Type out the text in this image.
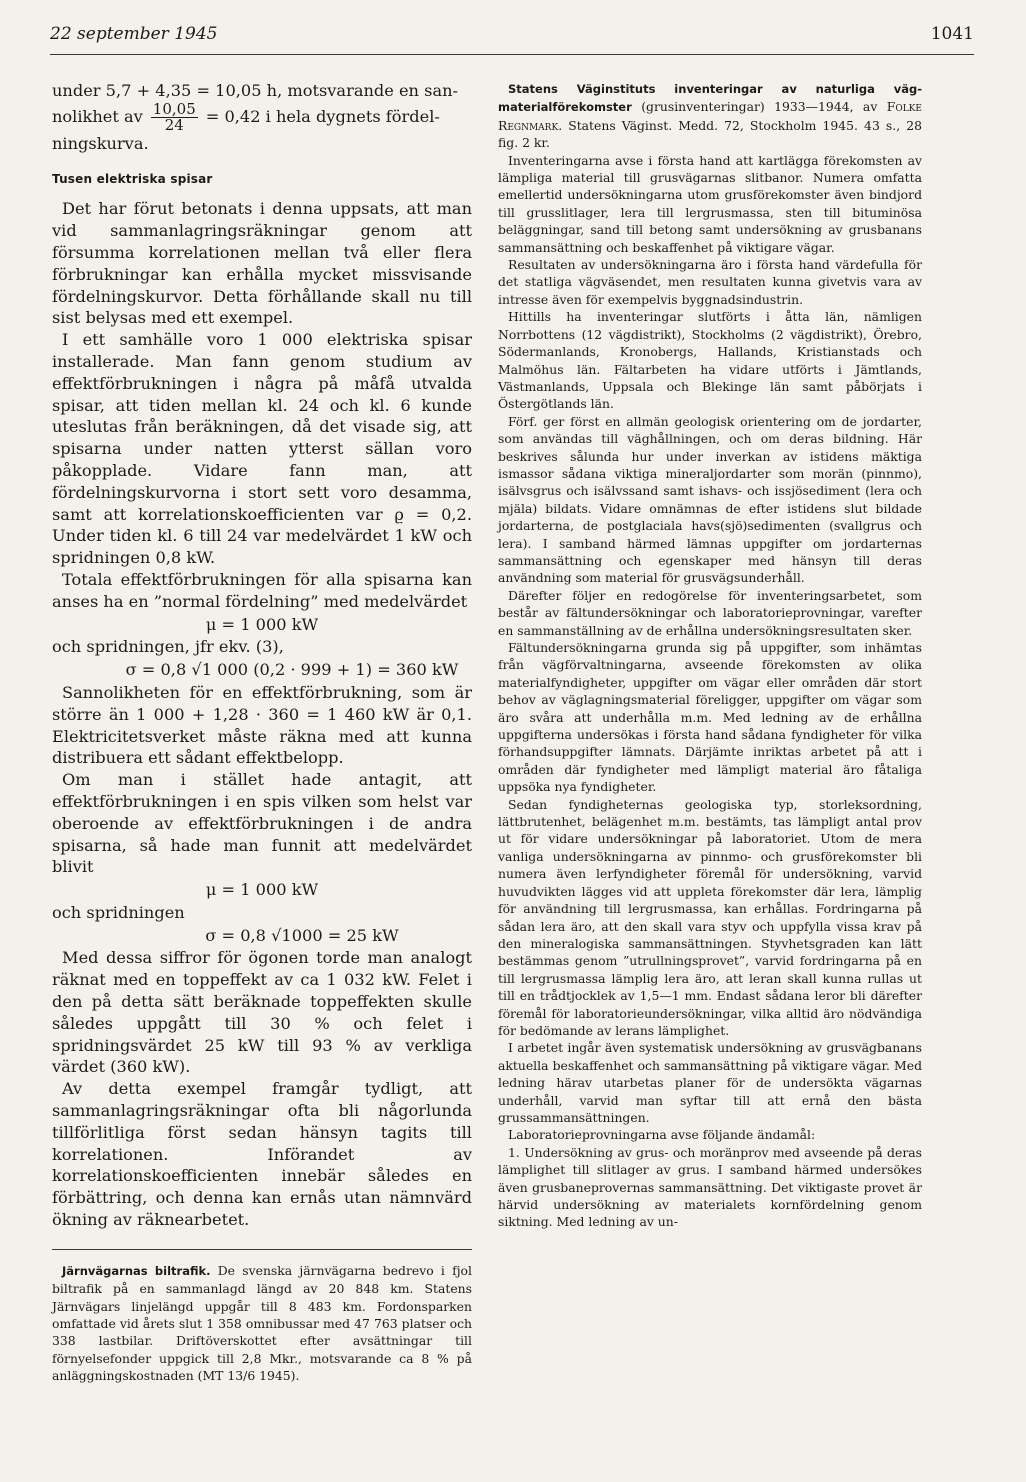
22 september 1945	1041

under 5,7 + 4,35 = 10,05 h, motsvarande en san-

nolikhet av $\frac{10,05}{24} = 0,42$ i hela dygnets fördel-

ningskurva.

Tusen elektriska spisar

Det har förut betonats i denna uppsats, att man vid sammanlagringsräkningar genom att försumma korrelationen mellan två eller flera förbrukningar kan erhålla mycket missvisande fördelningskurvor. Detta förhållande skall nu till sist belysas med ett exempel.

I ett samhälle voro 1 000 elektriska spisar installerade. Man fann genom studium av effektförbrukningen i några på måfå utvalda spisar, att tiden mellan kl. 24 och kl. 6 kunde uteslutas från beräkningen, då det visade sig, att spisarna under natten ytterst sällan voro påkopplade. Vidare fann man, att fördelningskurvorna i stort sett voro desamma, samt att korrelationskoefficienten var ϱ = 0,2. Under tiden kl. 6 till 24 var medelvärdet 1 kW och spridningen 0,8 kW.

Totala effektförbrukningen för alla spisarna kan anses ha en ”normal fördelning” med medelvärdet

μ = 1 000 kW

och spridningen, jfr ekv. (3),

σ = 0,8 √1 000 (0,2 · 999 + 1) = 360 kW

Sannolikheten för en effektförbrukning, som är större än 1 000 + 1,28 · 360 = 1 460 kW är 0,1. Elektricitetsverket måste räkna med att kunna distribuera ett sådant effektbelopp.

Om man i stället hade antagit, att effektförbrukningen i en spis vilken som helst var oberoende av effektförbrukningen i de andra spisarna, så hade man funnit att medelvärdet blivit

μ = 1 000 kW

och spridningen

σ = 0,8 √1000 = 25 kW

Med dessa siffror för ögonen torde man analogt räknat med en toppeffekt av ca 1 032 kW. Felet i den på detta sätt beräknade toppeffekten skulle således uppgått till 30 % och felet i spridningsvärdet 25 kW till 93 % av verkliga värdet (360 kW).

Av detta exempel framgår tydligt, att sammanlagringsräkningar ofta bli någorlunda tillförlitliga först sedan hänsyn tagits till korrelationen. Införandet av korrelationskoefficienten innebär således en förbättring, och denna kan ernås utan nämnvärd ökning av räknearbetet.

Järnvägarnas biltrafik. De svenska järnvägarna bedrevo i fjol biltrafik på en sammanlagd längd av 20 848 km. Statens Järnvägars linjelängd uppgår till 8 483 km. Fordonsparken omfattade vid årets slut 1 358 omnibussar med 47 763 platser och 338 lastbilar. Driftöverskottet efter avsättningar till förnyelsefonder uppgick till 2,8 Mkr., motsvarande ca 8 % på anläggningskostnaden (MT 13/6 1945).

Statens Väginstituts inventeringar av naturliga vägmaterialförekomster (grusinventeringar) 1933—1944, av Folke Regnmark. Statens Väginst. Medd. 72, Stockholm 1945. 43 s., 28 fig. 2 kr.

Inventeringarna avse i första hand att kartlägga förekomsten av lämpliga material till grusvägarnas slitbanor. Numera omfatta emellertid undersökningarna utom grusförekomster även bindjord till grusslitlager, lera till lergrusmassa, sten till bituminösa beläggningar, sand till betong samt undersökning av grusbanans sammansättning och beskaffenhet på viktigare vägar.

Resultaten av undersökningarna äro i första hand värdefulla för det statliga vägväsendet, men resultaten kunna givetvis vara av intresse även för exempelvis byggnadsindustrin.

Hittills ha inventeringar slutförts i åtta län, nämligen Norrbottens (12 vägdistrikt), Stockholms (2 vägdistrikt), Örebro, Södermanlands, Kronobergs, Hallands, Kristianstads och Malmöhus län. Fältarbeten ha vidare utförts i Jämtlands, Västmanlands, Uppsala och Blekinge län samt påbörjats i Östergötlands län.

Förf. ger först en allmän geologisk orientering om de jordarter, som användas till väghållningen, och om deras bildning. Här beskrives sålunda hur under inverkan av istidens mäktiga ismassor sådana viktiga mineraljordarter som morän (pinnmo), isälvsgrus och isälvssand samt ishavs- och issjösediment (lera och mjäla) bildats. Vidare omnämnas de efter istidens slut bildade jordarterna, de postglaciala havs(sjö)sedimenten (svallgrus och lera). I samband härmed lämnas uppgifter om jordarternas sammansättning och egenskaper med hänsyn till deras användning som material för grusvägsunderhåll.

Därefter följer en redogörelse för inventeringsarbetet, som består av fältundersökningar och laboratorieprovningar, varefter en sammanställning av de erhållna undersökningsresultaten sker.

Fältundersökningarna grunda sig på uppgifter, som inhämtas från vägförvaltningarna, avseende förekomsten av olika materialfyndigheter, uppgifter om vägar eller områden där stort behov av väglagningsmaterial föreligger, uppgifter om vägar som äro svåra att underhålla m.m. Med ledning av de erhållna uppgifterna undersökas i första hand sådana fyndigheter för vilka förhandsuppgifter lämnats. Därjämte inriktas arbetet på att i områden där fyndigheter med lämpligt material äro fåtaliga uppsöka nya fyndigheter.

Sedan fyndigheternas geologiska typ, storleksordning, lättbrutenhet, belägenhet m.m. bestämts, tas lämpligt antal prov ut för vidare undersökningar på laboratoriet. Utom de mera vanliga undersökningarna av pinnmo- och grusförekomster bli numera även lerfyndigheter föremål för undersökning, varvid huvudvikten lägges vid att uppleta förekomster där lera, lämplig för användning till lergrusmassa, kan erhållas. Fordringarna på sådan lera äro, att den skall vara styv och uppfylla vissa krav på den mineralogiska sammansättningen. Styvhetsgraden kan lätt bestämmas genom ”utrullningsprovet”, varvid fordringarna på en till lergrusmassa lämplig lera äro, att leran skall kunna rullas ut till en trådtjocklek av 1,5—1 mm. Endast sådana leror bli därefter föremål för laboratorieundersökningar, vilka alltid äro nödvändiga för bedömande av lerans lämplighet.

I arbetet ingår även systematisk undersökning av grusvägbanans aktuella beskaffenhet och sammansättning på viktigare vägar. Med ledning härav utarbetas planer för de undersökta vägarnas underhåll, varvid man syftar till att ernå den bästa grussammansättningen.

Laboratorieprovningarna avse följande ändamål:

1. Undersökning av grus- och moränprov med avseende på deras lämplighet till slitlager av grus. I samband härmed undersökes även grusbaneprovernas sammansättning. Det viktigaste provet är härvid undersökning av materialets kornfördelning genom siktning. Med ledning av un-
